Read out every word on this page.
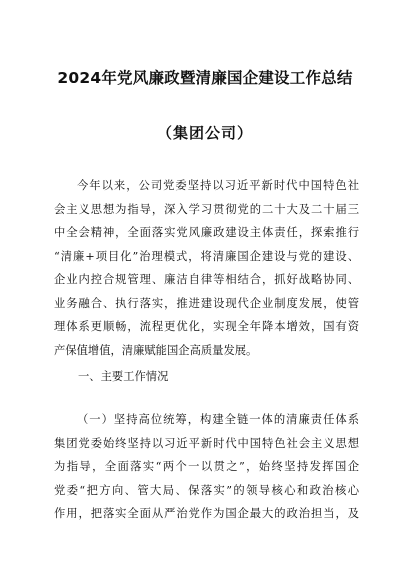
2024年党风廉政暨清廉国企建设工作总结
（集团公司）
今年以来，公司党委坚持以习近平新时代中国特色社
会主义思想为指导，深入学习贯彻党的二十大及二十届三
中全会精神，全面落实党风廉政建设主体责任，探索推行
“清廉+项目化”治理模式，将清廉国企建设与党的建设、
企业内控合规管理、廉洁自律等相结合，抓好战略协同、
业务融合、执行落实，推进建设现代企业制度发展，使管
理体系更顺畅，流程更优化，实现全年降本增效，国有资
产保值增值，清廉赋能国企高质量发展。
一、主要工作情况
（一）坚持高位统筹，构建全链一体的清廉责任体系
集团党委始终坚持以习近平新时代中国特色社会主义思想
为指导，全面落实“两个一以贯之”，始终坚持发挥国企
党委“把方向、管大局、保落实”的领导核心和政治核心
作用，把落实全面从严治党作为国企最大的政治担当，及
